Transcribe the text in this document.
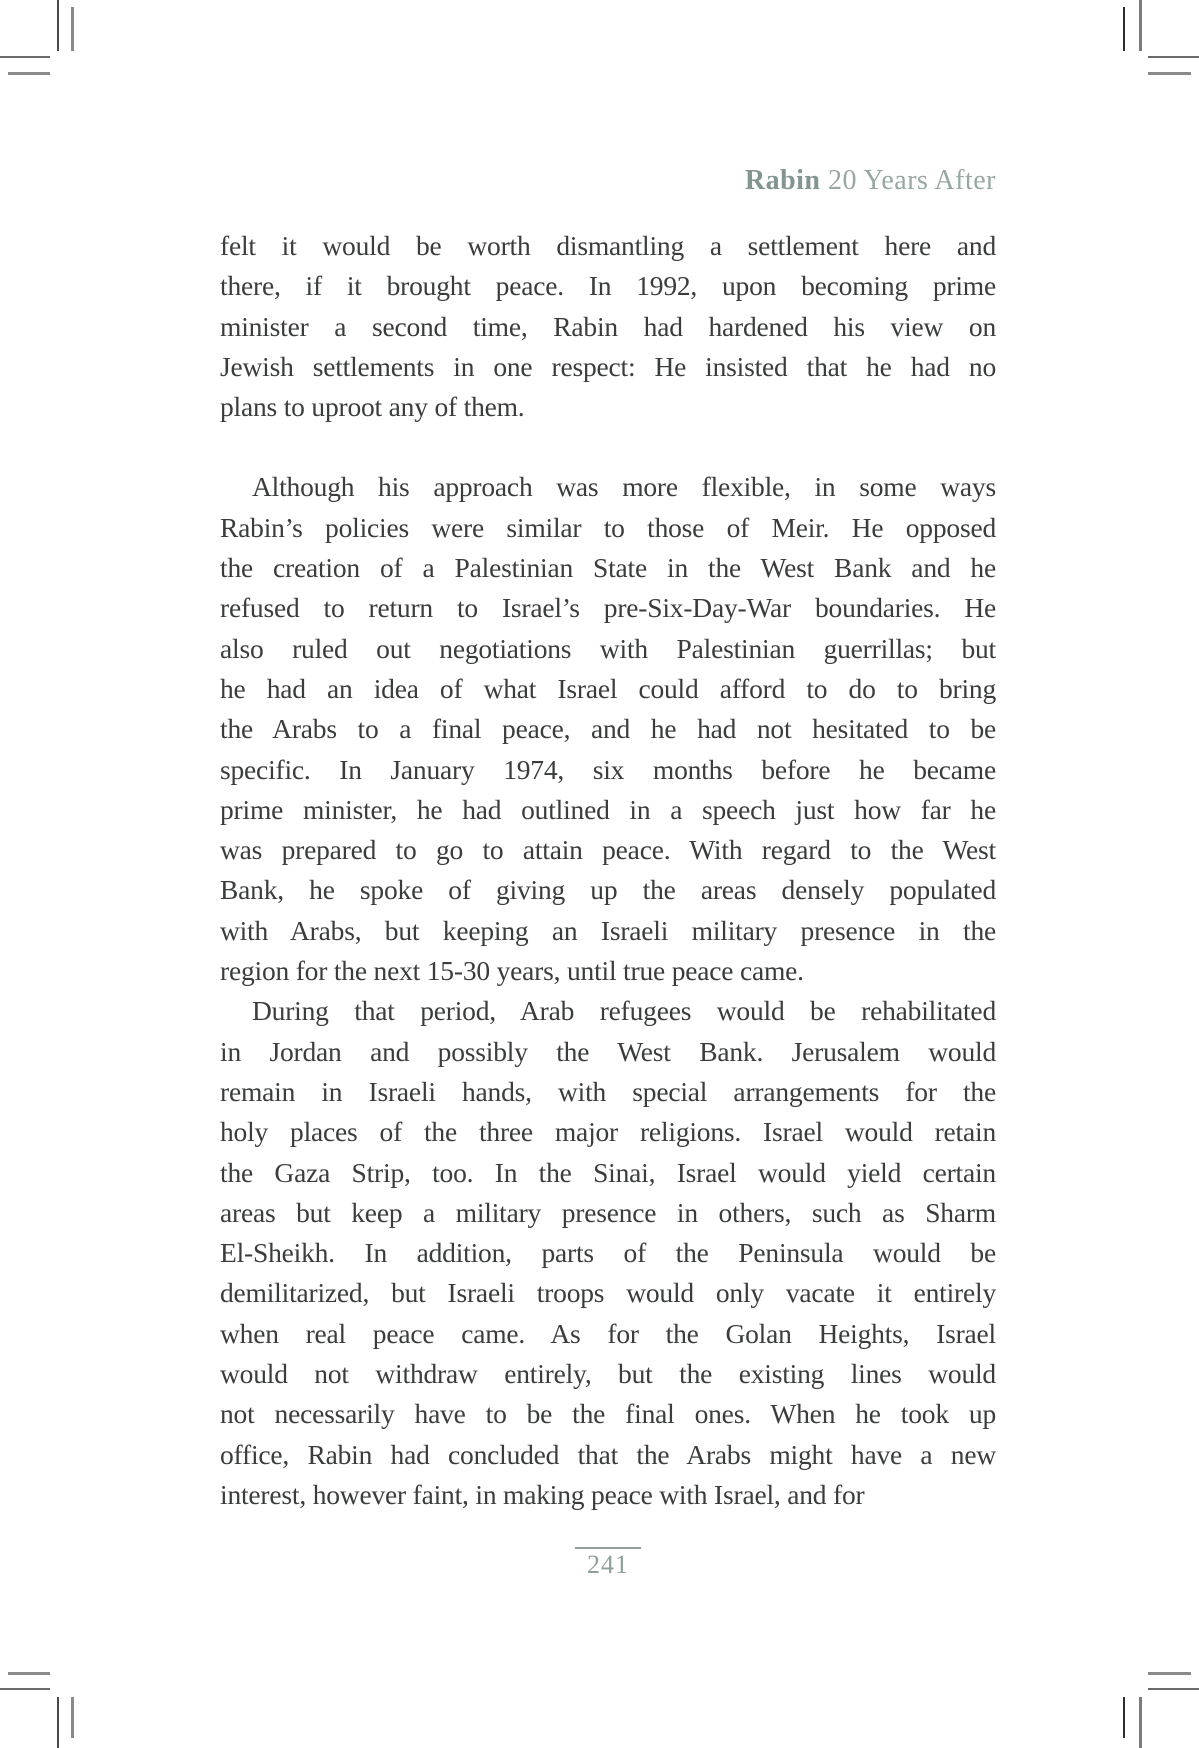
Rabin 20 Years After
felt it would be worth dismantling a settlement here and
there, if it brought peace. In 1992, upon becoming prime
minister a second time, Rabin had hardened his view on
Jewish settlements in one respect: He insisted that he had no
plans to uproot any of them.
Although his approach was more flexible, in some ways
Rabin’s policies were similar to those of Meir. He opposed
the creation of a Palestinian State in the West Bank and he
refused to return to Israel’s pre-Six-Day-War boundaries. He
also ruled out negotiations with Palestinian guerrillas; but
he had an idea of what Israel could afford to do to bring
the Arabs to a final peace, and he had not hesitated to be
specific. In January 1974, six months before he became
prime minister, he had outlined in a speech just how far he
was prepared to go to attain peace. With regard to the West
Bank, he spoke of giving up the areas densely populated
with Arabs, but keeping an Israeli military presence in the
region for the next 15-30 years, until true peace came.
During that period, Arab refugees would be rehabilitated
in Jordan and possibly the West Bank. Jerusalem would
remain in Israeli hands, with special arrangements for the
holy places of the three major religions. Israel would retain
the Gaza Strip, too. In the Sinai, Israel would yield certain
areas but keep a military presence in others, such as Sharm
El-Sheikh. In addition, parts of the Peninsula would be
demilitarized, but Israeli troops would only vacate it entirely
when real peace came. As for the Golan Heights, Israel
would not withdraw entirely, but the existing lines would
not necessarily have to be the final ones. When he took up
office, Rabin had concluded that the Arabs might have a new
interest, however faint, in making peace with Israel, and for
241
